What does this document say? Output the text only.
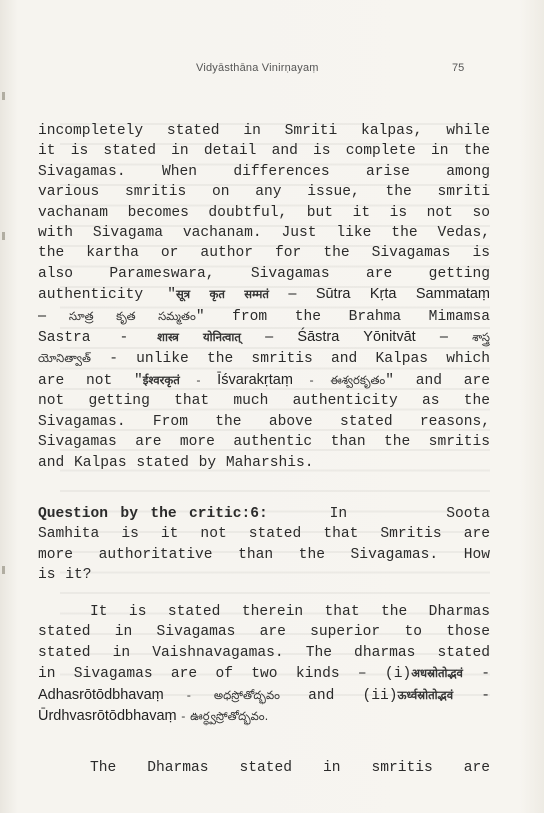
Vidyāsthāna Vinirṇayaṃ	75
incompletely stated in Smriti kalpas, while
it is stated in detail and is complete in the
Sivagamas. When differences arise among
various smritis on any issue, the smriti
vachanam becomes doubtful, but it is not so
with Sivagama vachanam. Just like the Vedas,
the kartha or author for the Sivagamas is
also Parameswara, Sivagamas are getting
authenticity "सूत्र कृत सम्मतं – Sūtra Kṛta Sammataṃ
– సూత్ర కృత సమ్మతం" from the Brahma Mimamsa
Sastra - शास्त्र योनित्वात् – Śāstra Yōnitvāt – శాస్త్ర
యోనిత్వాత్ - unlike the smritis and Kalpas which
are not "ईश्वरकृतं - Īśvarakṛtaṃ - ఈశ్వరకృతం" and are
not getting that much authenticity as the
Sivagamas. From the above stated reasons,
Sivagamas are more authentic than the smritis
and Kalpas stated by Maharshis.
Question by the critic:6:     In        Soota
Samhita is it not stated that Smritis are
more authoritative than the Sivagamas. How
is it?
It is stated therein that the Dharmas
stated in Sivagamas are superior to those
stated in Vaishnavagamas. The dharmas stated
in Sivagamas are of two kinds – (i)अधस्रोतोद्भवं -
Adhasrōtōdbhavaṃ - అధస్రోతోద్భవం and (ii)ऊर्ध्वस्रोतोद्भवं -
Ūrdhvasrōtōdbhavaṃ - ఊర్ధ్వస్రోతోద్భవం.
The Dharmas stated in smritis are
